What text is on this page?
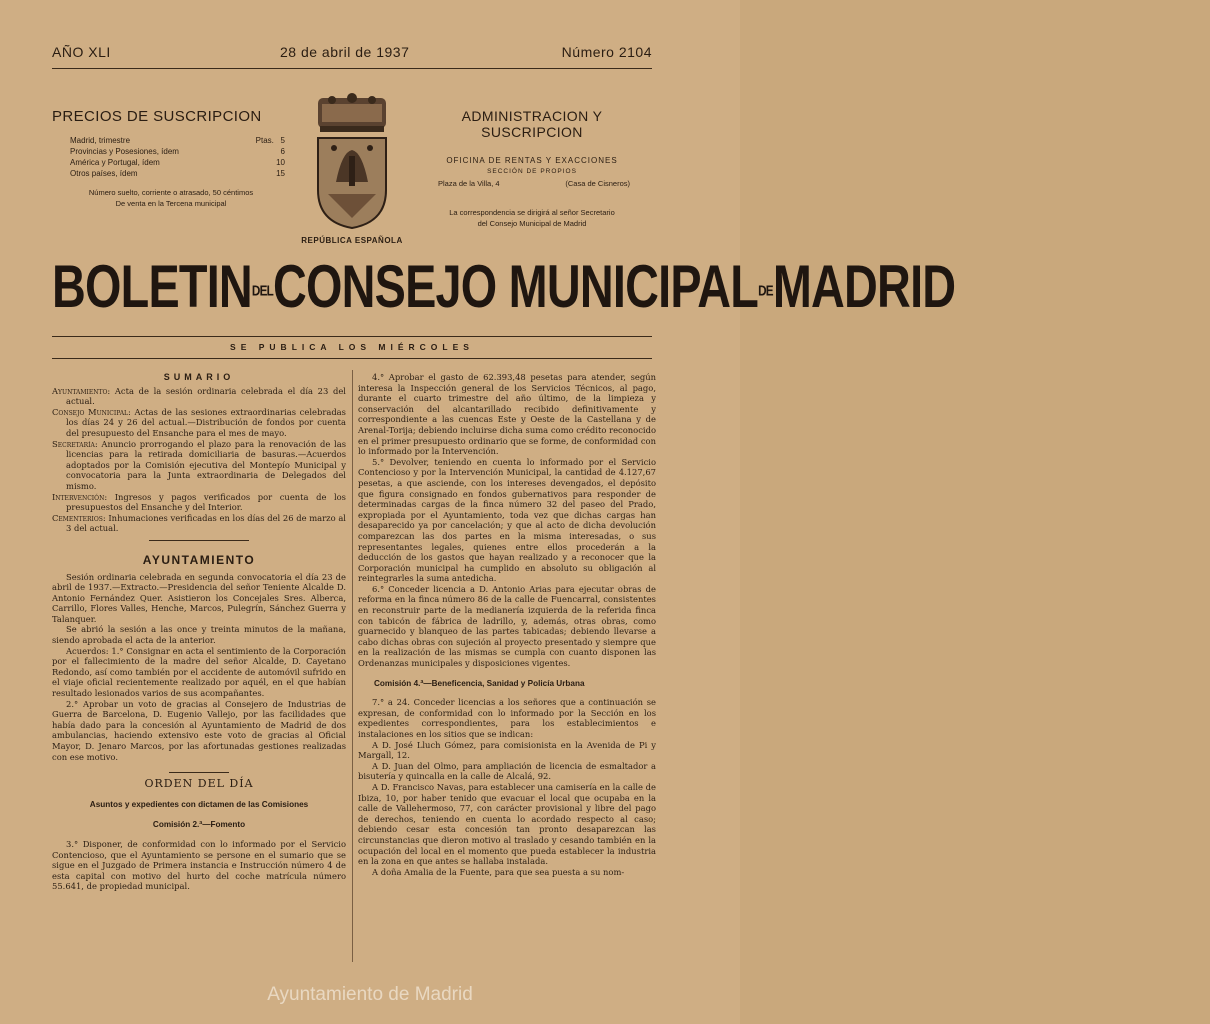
AÑO XLI	28 de abril de 1937	Número 2104
PRECIOS DE SUSCRIPCION
Madrid, trimestre	Ptas. 5
Provincias y Posesiones, ídem	6
América y Portugal, ídem	10
Otros países, ídem	15
Número suelto, corriente o atrasado, 50 céntimos
De venta en la Tercena municipal
ADMINISTRACION Y SUSCRIPCION
OFICINA DE RENTAS Y EXACCIONES
SECCIÓN DE PROPIOS
Plaza de la Villa, 4	(Casa de Cisneros)
La correspondencia se dirigirá al señor Secretario
del Consejo Municipal de Madrid
REPÚBLICA ESPAÑOLA
BOLETINDELCONSEJO MUNICIPALDEMADRID
SE PUBLICA LOS MIÉRCOLES
SUMARIO

Ayuntamiento: Acta de la sesión ordinaria celebrada el día 23 del actual.

Consejo Municipal: Actas de las sesiones extraordinarias celebradas los días 24 y 26 del actual.—Distribución de fondos por cuenta del presupuesto del Ensanche para el mes de mayo.

Secretaría: Anuncio prorrogando el plazo para la renovación de las licencias para la retirada domiciliaria de basuras.—Acuerdos adoptados por la Comisión ejecutiva del Montepío Municipal y convocatoria para la Junta extraordinaria de Delegados del mismo.

Intervención: Ingresos y pagos verificados por cuenta de los presupuestos del Ensanche y del Interior.

Cementerios: Inhumaciones verificadas en los días del 26 de marzo al 3 del actual.

AYUNTAMIENTO

Sesión ordinaria celebrada en segunda convocatoria el día 23 de abril de 1937.—Extracto.—Presidencia del señor Teniente Alcalde D. Antonio Fernández Quer. Asistieron los Concejales Sres. Alberca, Carrillo, Flores Valles, Henche, Marcos, Pulegrín, Sánchez Guerra y Talanquer.

Se abrió la sesión a las once y treinta minutos de la mañana, siendo aprobada el acta de la anterior.

Acuerdos: 1.° Consignar en acta el sentimiento de la Corporación por el fallecimiento de la madre del señor Alcalde, D. Cayetano Redondo, así como también por el accidente de automóvil sufrido en el viaje oficial recientemente realizado por aquél, en el que habían resultado lesionados varios de sus acompañantes.

2.° Aprobar un voto de gracias al Consejero de Industrias de Guerra de Barcelona, D. Eugenio Vallejo, por las facilidades que había dado para la concesión al Ayuntamiento de Madrid de dos ambulancias, haciendo extensivo este voto de gracias al Oficial Mayor, D. Jenaro Marcos, por las afortunadas gestiones realizadas con ese motivo.

ORDEN DEL DÍA
Asuntos y expedientes con dictamen de las Comisiones
Comisión 2.ª—Fomento

3.° Disponer, de conformidad con lo informado por el Servicio Contencioso, que el Ayuntamiento se persone en el sumario que se sigue en el Juzgado de Primera instancia e Instrucción número 4 de esta capital con motivo del hurto del coche matrícula número 55.641, de propiedad municipal.

4.° Aprobar el gasto de 62.393,48 pesetas para atender, según interesa la Inspección general de los Servicios Técnicos, al pago, durante el cuarto trimestre del año último, de la limpieza y conservación del alcantarillado recibido definitivamente y correspondiente a las cuencas Este y Oeste de la Castellana y de Arenal-Torija; debiendo incluirse dicha suma como crédito reconocido en el primer presupuesto ordinario que se forme, de conformidad con lo informado por la Intervención.

5.° Devolver, teniendo en cuenta lo informado por el Servicio Contencioso y por la Intervención Municipal, la cantidad de 4.127,67 pesetas, a que asciende, con los intereses devengados, el depósito que figura consignado en fondos gubernativos para responder de determinadas cargas de la finca número 32 del paseo del Prado, expropiada por el Ayuntamiento, toda vez que dichas cargas han desaparecido ya por cancelación; y que al acto de dicha devolución comparezcan las dos partes en la misma interesadas, o sus representantes legales, quienes entre ellos procederán a la deducción de los gastos que hayan realizado y a reconocer que la Corporación municipal ha cumplido en absoluto su obligación al reintegrarles la suma antedicha.

6.° Conceder licencia a D. Antonio Arias para ejecutar obras de reforma en la finca número 86 de la calle de Fuencarral, consistentes en reconstruir parte de la medianería izquierda de la referida finca con tabicón de fábrica de ladrillo, y, además, otras obras, como guarnecido y blanqueo de las partes tabicadas; debiendo llevarse a cabo dichas obras con sujeción al proyecto presentado y siempre que en la realización de las mismas se cumpla con cuanto disponen las Ordenanzas municipales y disposiciones vigentes.

Comisión 4.ª—Beneficencia, Sanidad y Policía Urbana

7.° a 24. Conceder licencias a los señores que a continuación se expresan, de conformidad con lo informado por la Sección en los expedientes correspondientes, para los establecimientos e instalaciones en los sitios que se indican:

A D. José Lluch Gómez, para comisionista en la Avenida de Pi y Margall, 12.

A D. Juan del Olmo, para ampliación de licencia de esmaltador a bisutería y quincalla en la calle de Alcalá, 92.

A D. Francisco Navas, para establecer una camisería en la calle de Ibiza, 10, por haber tenido que evacuar el local que ocupaba en la calle de Vallehermoso, 77, con carácter provisional y libre del pago de derechos, teniendo en cuenta lo acordado respecto al caso; debiendo cesar esta concesión tan pronto desaparezcan las circunstancias que dieron motivo al traslado y cesando también en la ocupación del local en el momento que pueda establecer la industria en la zona en que antes se hallaba instalada.

A doña Amalia de la Fuente, para que sea puesta a su nom-

Ayuntamiento de Madrid
